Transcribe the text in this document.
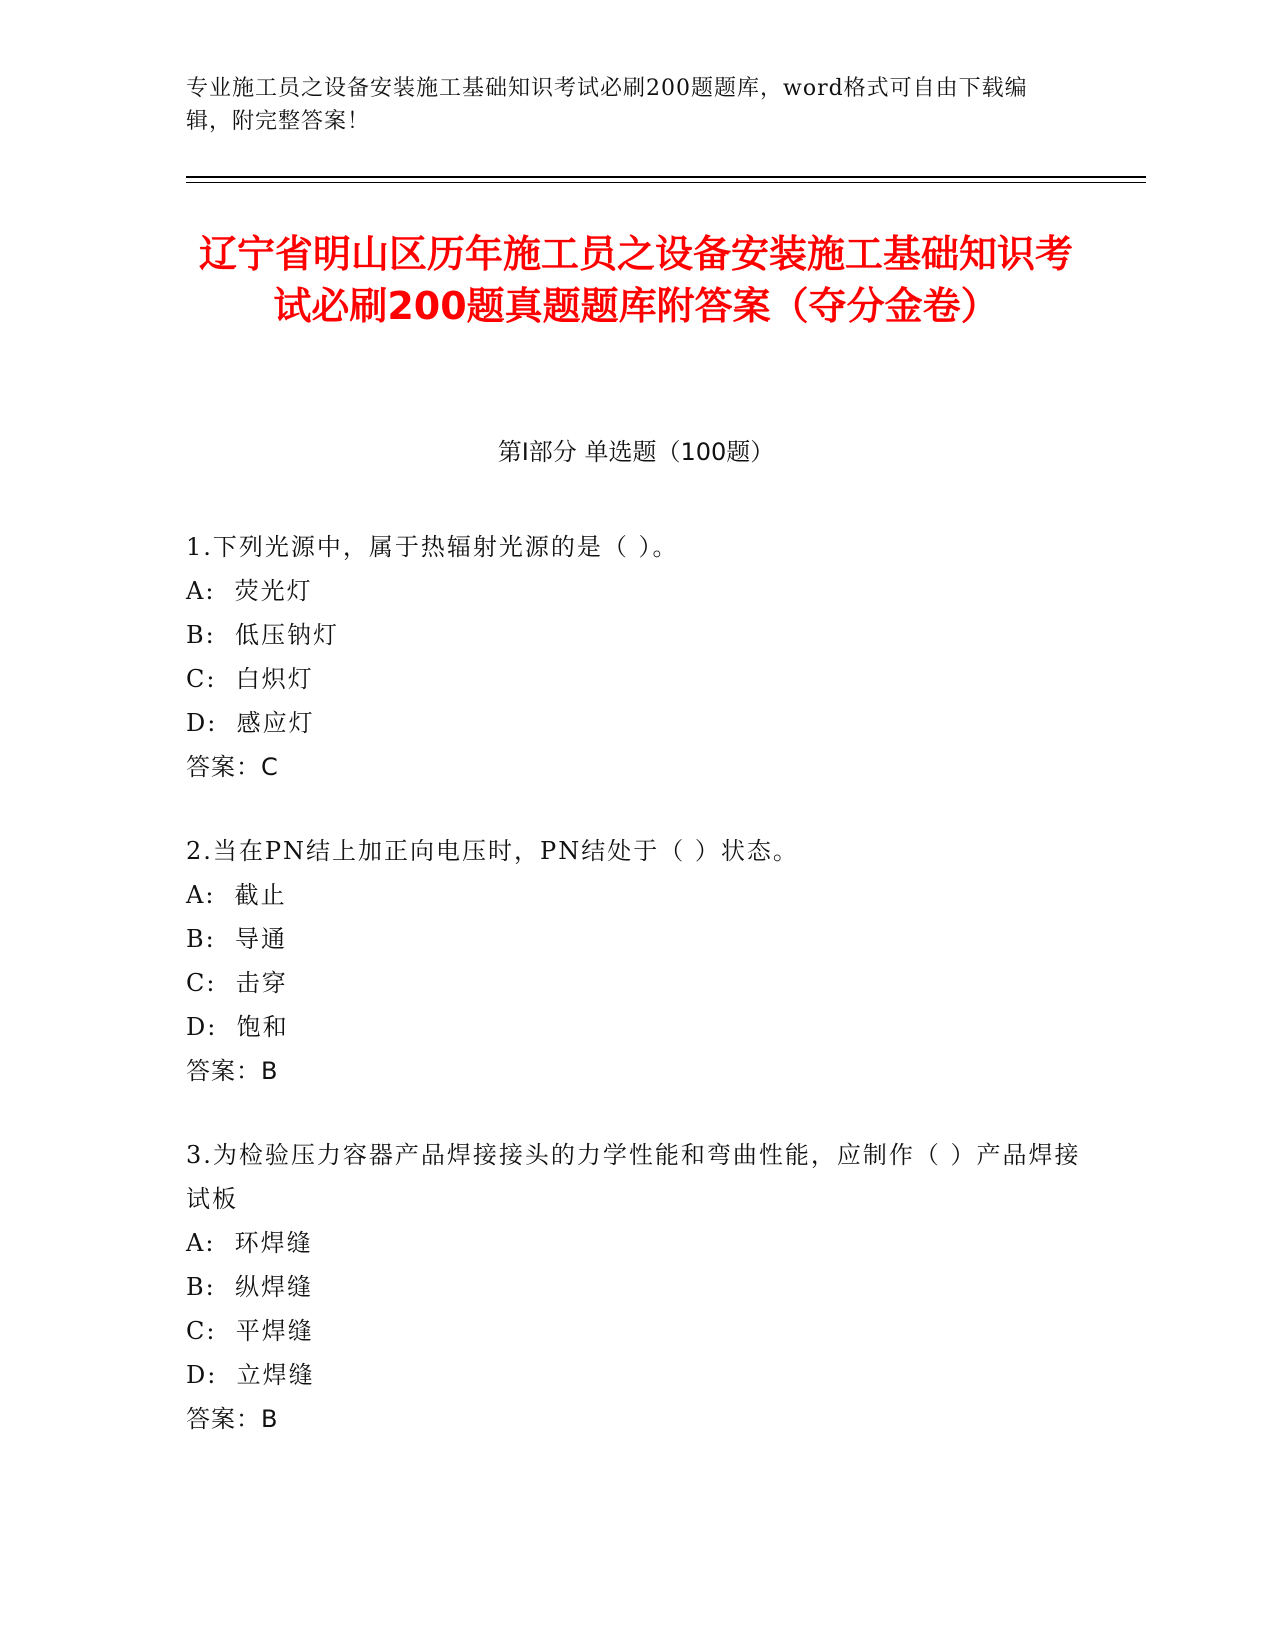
专业施工员之设备安装施工基础知识考试必刷200题题库，word格式可自由下载编辑，附完整答案！
辽宁省明山区历年施工员之设备安装施工基础知识考试必刷200题真题题库附答案（夺分金卷）
第I部分 单选题（100题）
1.下列光源中，属于热辐射光源的是（ ）。
A:  荧光灯
B:  低压钠灯
C:  白炽灯
D:  感应灯
答案：C
2.当在PN结上加正向电压时，PN结处于（ ）状态。
A:  截止
B:  导通
C:  击穿
D:  饱和
答案：B
3.为检验压力容器产品焊接接头的力学性能和弯曲性能，应制作（ ）产品焊接试板
A:  环焊缝
B:  纵焊缝
C:  平焊缝
D:  立焊缝
答案：B
